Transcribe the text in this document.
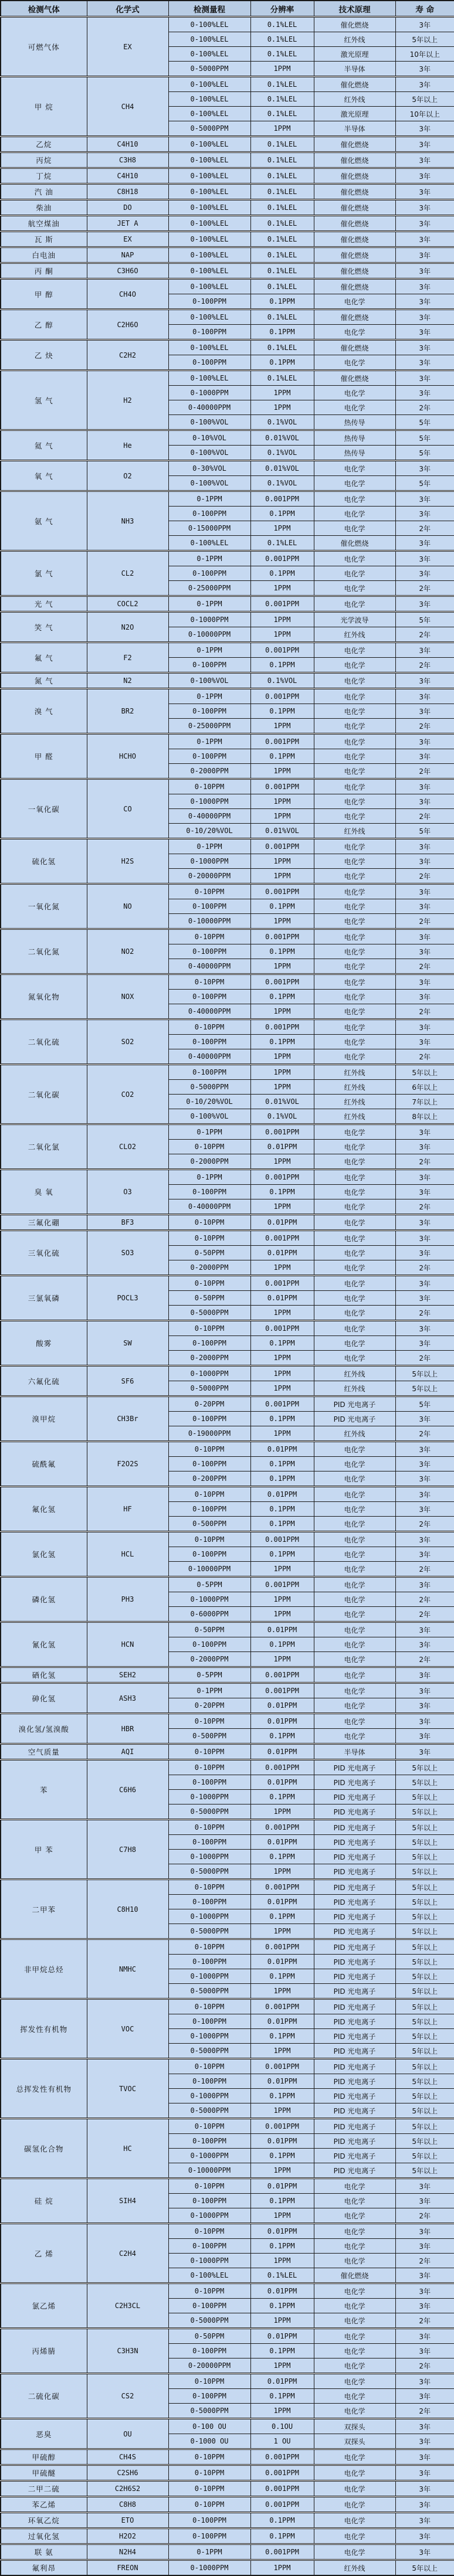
检测气体	化学式	检测量程	分辨率	技术原理	寿 命
可燃气体	EX	0-100%LEL	0.1%LEL	催化燃烧	3年
		0-100%LEL	0.1%LEL	红外线	5年以上
		0-100%LEL	0.1%LEL	激光原理	10年以上
		0-5000PPM	1PPM	半导体	3年
甲 烷	CH4	0-100%LEL	0.1%LEL	催化燃烧	3年
		0-100%LEL	0.1%LEL	红外线	5年以上
		0-100%LEL	0.1%LEL	激光原理	10年以上
		0-5000PPM	1PPM	半导体	3年
乙烷	C4H10	0-100%LEL	0.1%LEL	催化燃烧	3年
丙烷	C3H8	0-100%LEL	0.1%LEL	催化燃烧	3年
丁烷	C4H10	0-100%LEL	0.1%LEL	催化燃烧	3年
汽 油	C8H18	0-100%LEL	0.1%LEL	催化燃烧	3年
柴油	DO	0-100%LEL	0.1%LEL	催化燃烧	3年
航空煤油	JET A	0-100%LEL	0.1%LEL	催化燃烧	3年
瓦 斯	EX	0-100%LEL	0.1%LEL	催化燃烧	3年
白电油	NAP	0-100%LEL	0.1%LEL	催化燃烧	3年
丙 酮	C3H6O	0-100%LEL	0.1%LEL	催化燃烧	3年
甲 醇	CH4O	0-100%LEL	0.1%LEL	催化燃烧	3年
		0-100PPM	0.1PPM	电化学	3年
乙 醇	C2H6O	0-100%LEL	0.1%LEL	催化燃烧	3年
		0-100PPM	0.1PPM	电化学	3年
乙 炔	C2H2	0-100%LEL	0.1%LEL	催化燃烧	3年
		0-100PPM	0.1PPM	电化学	3年
氢 气	H2	0-100%LEL	0.1%LEL	催化燃烧	3年
		0-1000PPM	1PPM	电化学	3年
		0-40000PPM	1PPM	电化学	2年
		0-100%VOL	0.1%VOL	热传导	5年
氦 气	He	0-10%VOL	0.01%VOL	热传导	5年
		0-100%VOL	0.1%VOL	热传导	5年
氧 气	O2	0-30%VOL	0.01%VOL	电化学	3年
		0-100%VOL	0.1%VOL	电化学	5年
氨 气	NH3	0-1PPM	0.001PPM	电化学	3年
		0-100PPM	0.1PPM	电化学	3年
		0-15000PPM	1PPM	电化学	2年
		0-100%LEL	0.1%LEL	催化燃烧	3年
氯 气	CL2	0-1PPM	0.001PPM	电化学	3年
		0-100PPM	0.1PPM	电化学	3年
		0-25000PPM	1PPM	电化学	2年
光 气	COCL2	0-1PPM	0.001PPM	电化学	3年
笑 气	N2O	0-1000PPM	1PPM	光学波导	5年
		0-10000PPM	1PPM	红外线	2年
氟 气	F2	0-1PPM	0.001PPM	电化学	3年
		0-100PPM	0.1PPM	电化学	2年
氮 气	N2	0-100%VOL	0.1%VOL	电化学	3年
溴 气	BR2	0-1PPM	0.001PPM	电化学	3年
		0-100PPM	0.1PPM	电化学	3年
		0-25000PPM	1PPM	电化学	2年
甲 醛	HCHO	0-1PPM	0.001PPM	电化学	3年
		0-100PPM	0.1PPM	电化学	3年
		0-2000PPM	1PPM	电化学	2年
一氧化碳	CO	0-10PPM	0.001PPM	电化学	3年
		0-1000PPM	1PPM	电化学	3年
		0-40000PPM	1PPM	电化学	2年
		0-10/20%VOL	0.01%VOL	红外线	5年
硫化氢	H2S	0-1PPM	0.001PPM	电化学	3年
		0-1000PPM	1PPM	电化学	3年
		0-20000PPM	1PPM	电化学	2年
一氧化氮	NO	0-10PPM	0.001PPM	电化学	3年
		0-100PPM	0.1PPM	电化学	3年
		0-10000PPM	1PPM	电化学	2年
二氧化氮	NO2	0-10PPM	0.001PPM	电化学	3年
		0-100PPM	0.1PPM	电化学	3年
		0-40000PPM	1PPM	电化学	2年
氮氧化物	NOX	0-10PPM	0.001PPM	电化学	3年
		0-100PPM	0.1PPM	电化学	3年
		0-40000PPM	1PPM	电化学	2年
二氧化硫	SO2	0-10PPM	0.001PPM	电化学	3年
		0-100PPM	0.1PPM	电化学	3年
		0-40000PPM	1PPM	电化学	2年
二氧化碳	CO2	0-100PPM	1PPM	红外线	5年以上
		0-5000PPM	1PPM	红外线	6年以上
		0-10/20%VOL	0.01%VOL	红外线	7年以上
		0-100%VOL	0.1%VOL	红外线	8年以上
二氧化氯	CLO2	0-1PPM	0.001PPM	电化学	3年
		0-10PPM	0.01PPM	电化学	3年
		0-2000PPM	1PPM	电化学	2年
臭 氧	O3	0-1PPM	0.001PPM	电化学	3年
		0-100PPM	0.1PPM	电化学	3年
		0-40000PPM	1PPM	电化学	2年
三氟化硼	BF3	0-10PPM	0.01PPM	电化学	3年
三氧化硫	SO3	0-10PPM	0.001PPM	电化学	3年
		0-50PPM	0.01PPM	电化学	3年
		0-2000PPM	1PPM	电化学	2年
三氯氧磷	POCL3	0-10PPM	0.001PPM	电化学	3年
		0-50PPM	0.01PPM	电化学	3年
		0-5000PPM	1PPM	电化学	2年
酸雾	SW	0-10PPM	0.001PPM	电化学	3年
		0-100PPM	0.1PPM	电化学	3年
		0-2000PPM	1PPM	电化学	2年
六氟化硫	SF6	0-1000PPM	1PPM	红外线	5年以上
		0-5000PPM	1PPM	红外线	5年以上
溴甲烷	CH3Br	0-20PPM	0.001PPM	PID 光电离子	5年
		0-100PPM	0.1PPM	PID 光电离子	3年
		0-19000PPM	1PPM	红外线	2年
硫酰氟	F2O2S	0-10PPM	0.01PPM	电化学	3年
		0-100PPM	0.1PPM	电化学	3年
		0-200PPM	0.1PPM	电化学	3年
氟化氢	HF	0-10PPM	0.01PPM	电化学	3年
		0-100PPM	0.1PPM	电化学	3年
		0-500PPM	0.1PPM	电化学	2年
氯化氢	HCL	0-10PPM	0.001PPM	电化学	3年
		0-100PPM	0.1PPM	电化学	3年
		0-10000PPM	1PPM	电化学	2年
磷化氢	PH3	0-5PPM	0.001PPM	电化学	3年
		0-1000PPM	1PPM	电化学	2年
		0-6000PPM	1PPM	电化学	2年
氰化氢	HCN	0-50PPM	0.01PPM	电化学	3年
		0-100PPM	0.1PPM	电化学	3年
		0-2000PPM	1PPM	电化学	2年
硒化氢	SEH2	0-5PPM	0.001PPM	电化学	3年
砷化氢	ASH3	0-1PPM	0.001PPM	电化学	3年
		0-20PPM	0.01PPM	电化学	3年
溴化氢/氢溴酸	HBR	0-10PPM	0.01PPM	电化学	3年
		0-500PPM	0.1PPM	电化学	3年
空气质量	AQI	0-10PPM	0.01PPM	半导体	3年
苯	C6H6	0-10PPM	0.001PPM	PID 光电离子	5年以上
		0-100PPM	0.01PPM	PID 光电离子	5年以上
		0-1000PPM	0.1PPM	PID 光电离子	5年以上
		0-5000PPM	1PPM	PID 光电离子	5年以上
甲 苯	C7H8	0-10PPM	0.001PPM	PID 光电离子	5年以上
		0-100PPM	0.01PPM	PID 光电离子	5年以上
		0-1000PPM	0.1PPM	PID 光电离子	5年以上
		0-5000PPM	1PPM	PID 光电离子	5年以上
二甲苯	C8H10	0-10PPM	0.001PPM	PID 光电离子	5年以上
		0-100PPM	0.01PPM	PID 光电离子	5年以上
		0-1000PPM	0.1PPM	PID 光电离子	5年以上
		0-5000PPM	1PPM	PID 光电离子	5年以上
非甲烷总烃	NMHC	0-10PPM	0.001PPM	PID 光电离子	5年以上
		0-100PPM	0.01PPM	PID 光电离子	5年以上
		0-1000PPM	0.1PPM	PID 光电离子	5年以上
		0-5000PPM	1PPM	PID 光电离子	5年以上
挥发性有机物	VOC	0-10PPM	0.001PPM	PID 光电离子	5年以上
		0-100PPM	0.01PPM	PID 光电离子	5年以上
		0-1000PPM	0.1PPM	PID 光电离子	5年以上
		0-5000PPM	1PPM	PID 光电离子	5年以上
总挥发性有机物	TVOC	0-10PPM	0.001PPM	PID 光电离子	5年以上
		0-100PPM	0.01PPM	PID 光电离子	5年以上
		0-1000PPM	0.1PPM	PID 光电离子	5年以上
		0-5000PPM	1PPM	PID 光电离子	5年以上
碳氢化合物	HC	0-10PPM	0.001PPM	PID 光电离子	5年以上
		0-100PPM	0.01PPM	PID 光电离子	5年以上
		0-1000PPM	0.1PPM	PID 光电离子	5年以上
		0-10000PPM	1PPM	PID 光电离子	5年以上
硅 烷	SIH4	0-10PPM	0.01PPM	电化学	3年
		0-100PPM	0.1PPM	电化学	3年
		0-1000PPM	1PPM	电化学	2年
乙 烯	C2H4	0-10PPM	0.01PPM	电化学	3年
		0-100PPM	0.1PPM	电化学	3年
		0-1000PPM	1PPM	电化学	2年
		0-100%LEL	0.1%LEL	催化燃烧	3年
氯乙烯	C2H3CL	0-10PPM	0.01PPM	电化学	3年
		0-100PPM	0.1PPM	电化学	3年
		0-5000PPM	1PPM	电化学	2年
丙烯腈	C3H3N	0-50PPM	0.01PPM	电化学	3年
		0-100PPM	0.1PPM	电化学	3年
		0-20000PPM	1PPM	电化学	2年
二硫化碳	CS2	0-10PPM	0.01PPM	电化学	3年
		0-100PPM	0.1PPM	电化学	3年
		0-5000PPM	1PPM	电化学	2年
恶臭	OU	0-100 OU	0.1OU	双探头	3年
		0-1000 OU	1 OU	双探头	3年
甲硫醇	CH4S	0-10PPM	0.001PPM	电化学	3年
甲硫醚	C2SH6	0-10PPM	0.001PPM	电化学	3年
二甲二硫	C2H6S2	0-10PPM	0.001PPM	电化学	3年
苯乙烯	C8H8	0-10PPM	0.001PPM	电化学	3年
环氧乙烷	ETO	0-100PPM	0.1PPM	电化学	3年
过氧化氢	H2O2	0-100PPM	0.1PPM	电化学	3年
联 氨	N2H4	0-1PPM	0.001PPM	电化学	3年
氟利昂	FREON	0-1000PPM	1PPM	红外线	5年以上
